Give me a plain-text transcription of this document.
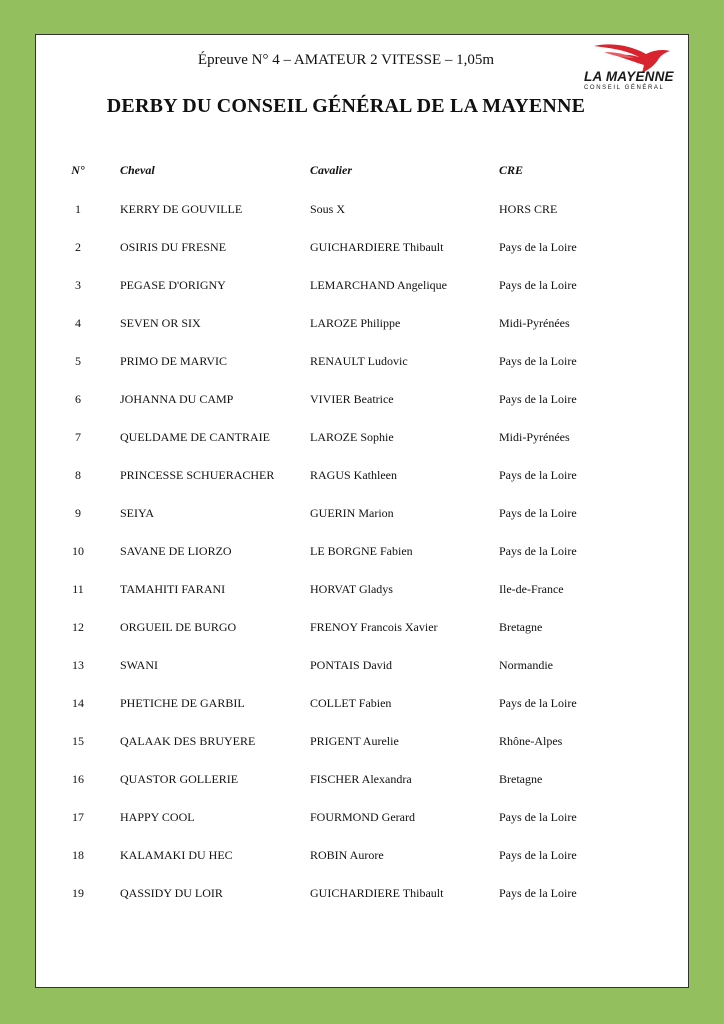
Épreuve N° 4 – AMATEUR 2 VITESSE – 1,05m
DERBY DU CONSEIL GÉNÉRAL DE LA MAYENNE
LA MAYENNE
CONSEIL GÉNÉRAL
N°	Cheval	Cavalier	CRE
1	KERRY DE GOUVILLE	Sous X	HORS CRE
2	OSIRIS DU FRESNE	GUICHARDIERE Thibault	Pays de la Loire
3	PEGASE D'ORIGNY	LEMARCHAND Angelique	Pays de la Loire
4	SEVEN OR SIX	LAROZE Philippe	Midi-Pyrénées
5	PRIMO DE MARVIC	RENAULT Ludovic	Pays de la Loire
6	JOHANNA DU CAMP	VIVIER Beatrice	Pays de la Loire
7	QUELDAME DE CANTRAIE	LAROZE Sophie	Midi-Pyrénées
8	PRINCESSE SCHUERACHER	RAGUS Kathleen	Pays de la Loire
9	SEIYA	GUERIN Marion	Pays de la Loire
10	SAVANE DE LIORZO	LE BORGNE Fabien	Pays de la Loire
11	TAMAHITI FARANI	HORVAT Gladys	Ile-de-France
12	ORGUEIL DE BURGO	FRENOY Francois Xavier	Bretagne
13	SWANI	PONTAIS David	Normandie
14	PHETICHE DE GARBIL	COLLET Fabien	Pays de la Loire
15	QALAAK DES BRUYERE	PRIGENT Aurelie	Rhône-Alpes
16	QUASTOR GOLLERIE	FISCHER Alexandra	Bretagne
17	HAPPY COOL	FOURMOND Gerard	Pays de la Loire
18	KALAMAKI DU HEC	ROBIN Aurore	Pays de la Loire
19	QASSIDY DU LOIR	GUICHARDIERE Thibault	Pays de la Loire
